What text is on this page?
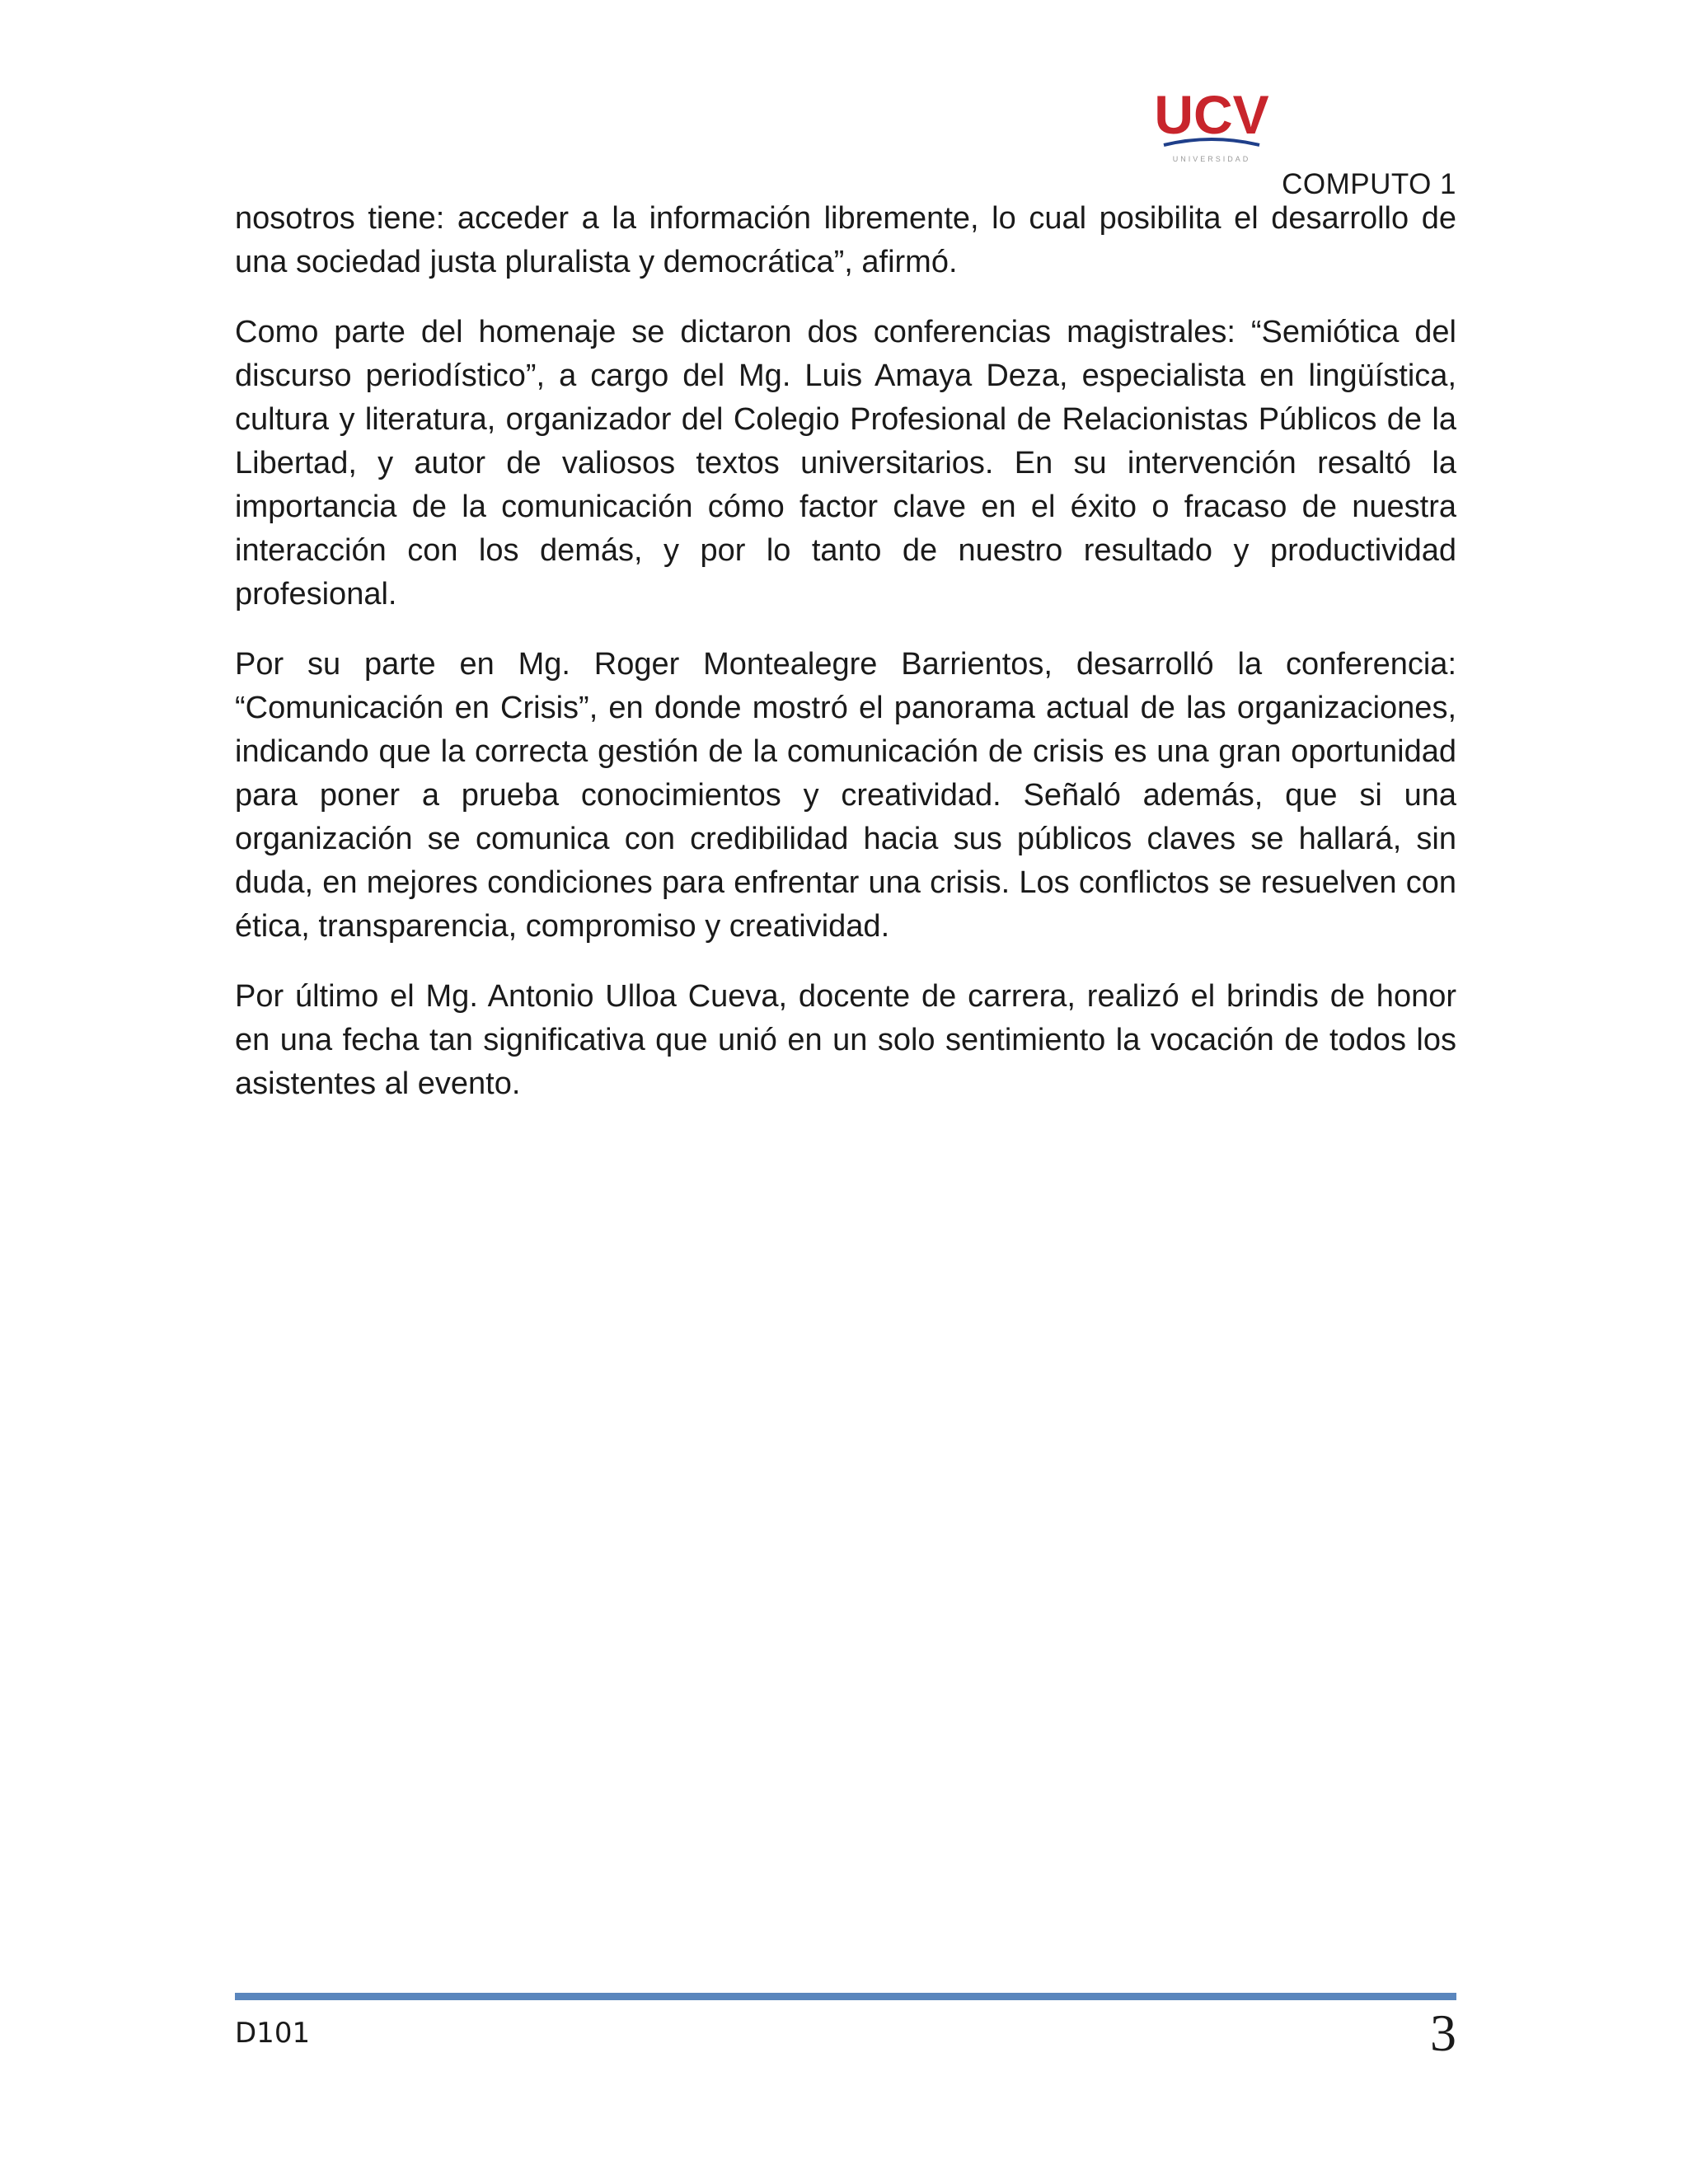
UCV
UNIVERSIDAD
COMPUTO 1

nosotros tiene: acceder a la información libremente, lo cual posibilita el desarrollo de una sociedad justa pluralista y democrática”, afirmó.

Como parte del homenaje se dictaron dos conferencias magistrales: “Semiótica del discurso periodístico”, a cargo del Mg. Luis Amaya Deza, especialista en lingüística, cultura y literatura, organizador del Colegio Profesional de Relacionistas Públicos de la Libertad, y autor de valiosos textos universitarios. En su intervención resaltó la importancia de la comunicación cómo factor clave en el éxito o fracaso de nuestra interacción con los demás, y por lo tanto de nuestro resultado y productividad profesional.

Por su parte en Mg. Roger Montealegre Barrientos, desarrolló la conferencia: “Comunicación en Crisis”, en donde mostró el panorama actual de las organizaciones, indicando que la correcta gestión de la comunicación de crisis es una gran oportunidad para poner a prueba conocimientos y creatividad. Señaló además, que si una organización se comunica con credibilidad hacia sus públicos claves se hallará, sin duda, en mejores condiciones para enfrentar una crisis. Los conflictos se resuelven con ética, transparencia, compromiso y creatividad.

Por último el Mg. Antonio Ulloa Cueva, docente de carrera, realizó el brindis de honor en una fecha tan significativa que unió en un solo sentimiento la vocación de todos los asistentes al evento.

D101	3
